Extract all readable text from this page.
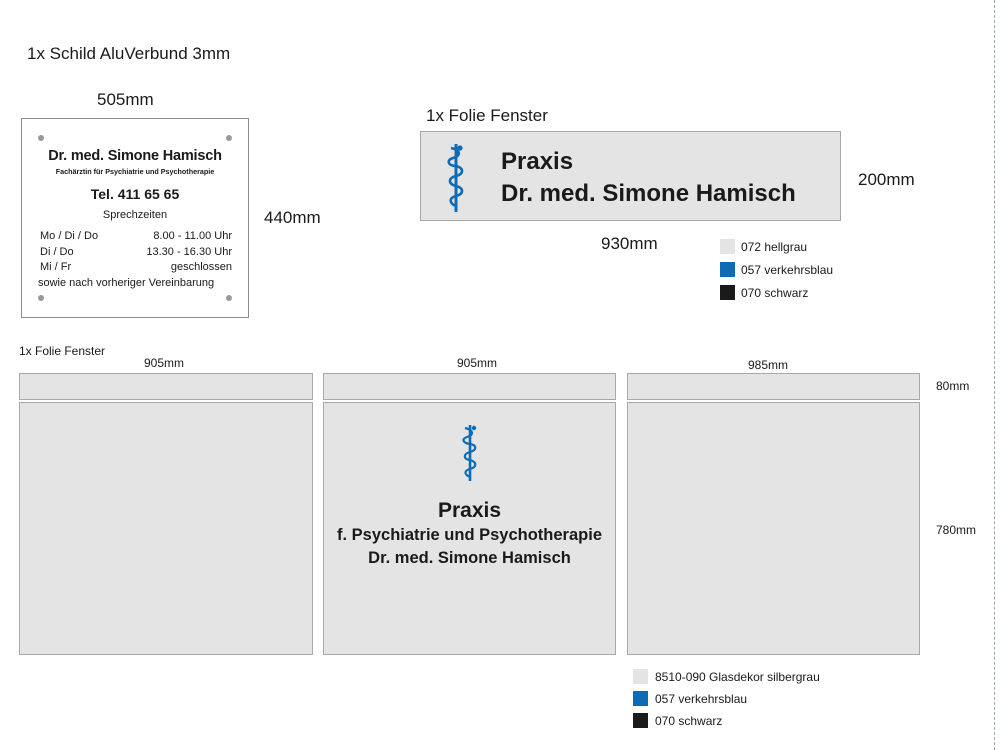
1x Schild AluVerbund 3mm
505mm
440mm
Dr. med. Simone Hamisch
Fachärztin für Psychiatrie und Psychotherapie
Tel. 411 65 65
Sprechzeiten
Mo / Di / Do	8.00 - 11.00 Uhr
Di / Do	13.30 - 16.30 Uhr
Mi / Fr	geschlossen
sowie nach vorheriger Vereinbarung
1x Folie Fenster
Praxis
Dr. med. Simone Hamisch
200mm
930mm	072 hellgrau
057 verkehrsblau
070 schwarz
1x Folie Fenster
905mm	905mm	985mm
80mm
780mm
Praxis
f. Psychiatrie und Psychotherapie
Dr. med. Simone Hamisch
8510-090 Glasdekor silbergrau
057 verkehrsblau
070 schwarz
